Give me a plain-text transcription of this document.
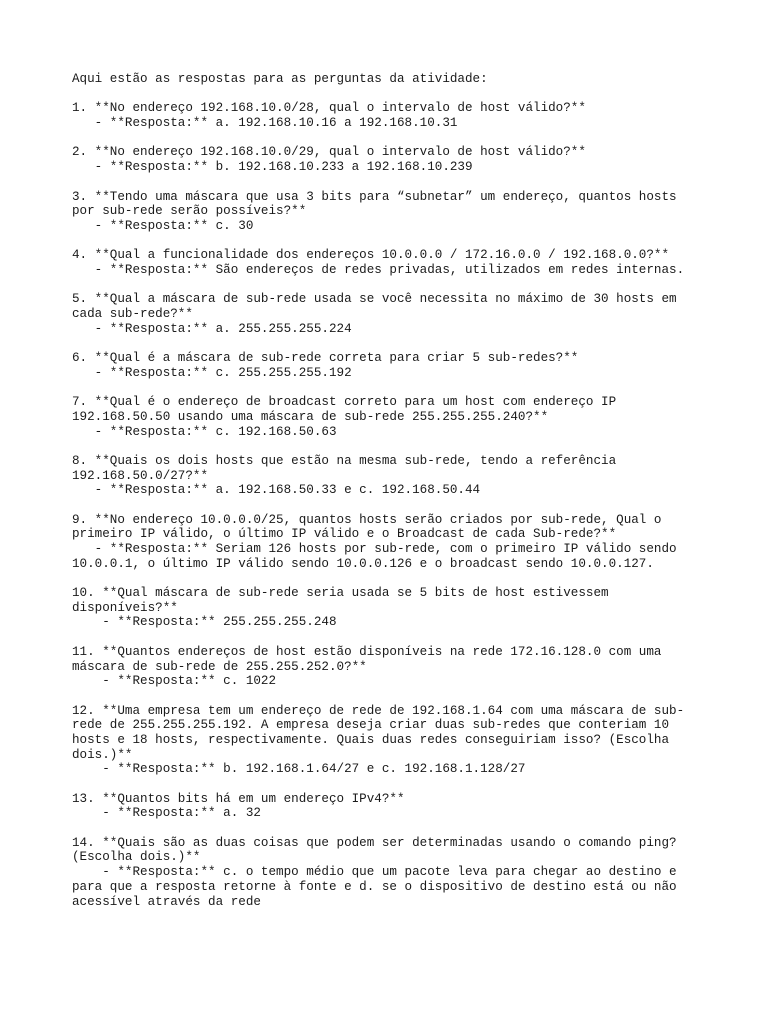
Aqui estão as respostas para as perguntas da atividade:
1. **No endereço 192.168.10.0/28, qual o intervalo de host válido?**
- **Resposta:** a. 192.168.10.16 a 192.168.10.31
2. **No endereço 192.168.10.0/29, qual o intervalo de host válido?**
- **Resposta:** b. 192.168.10.233 a 192.168.10.239
3. **Tendo uma máscara que usa 3 bits para “subnetar” um endereço, quantos hosts
por sub-rede serão possíveis?**
- **Resposta:** c. 30
4. **Qual a funcionalidade dos endereços 10.0.0.0 / 172.16.0.0 / 192.168.0.0?**
- **Resposta:** São endereços de redes privadas, utilizados em redes internas.
5. **Qual a máscara de sub-rede usada se você necessita no máximo de 30 hosts em
cada sub-rede?**
- **Resposta:** a. 255.255.255.224
6. **Qual é a máscara de sub-rede correta para criar 5 sub-redes?**
- **Resposta:** c. 255.255.255.192
7. **Qual é o endereço de broadcast correto para um host com endereço IP
192.168.50.50 usando uma máscara de sub-rede 255.255.255.240?**
- **Resposta:** c. 192.168.50.63
8. **Quais os dois hosts que estão na mesma sub-rede, tendo a referência
192.168.50.0/27?**
- **Resposta:** a. 192.168.50.33 e c. 192.168.50.44
9. **No endereço 10.0.0.0/25, quantos hosts serão criados por sub-rede, Qual o
primeiro IP válido, o último IP válido e o Broadcast de cada Sub-rede?**
- **Resposta:** Seriam 126 hosts por sub-rede, com o primeiro IP válido sendo
10.0.0.1, o último IP válido sendo 10.0.0.126 e o broadcast sendo 10.0.0.127.
10. **Qual máscara de sub-rede seria usada se 5 bits de host estivessem
disponíveis?**
- **Resposta:** 255.255.255.248
11. **Quantos endereços de host estão disponíveis na rede 172.16.128.0 com uma
máscara de sub-rede de 255.255.252.0?**
- **Resposta:** c. 1022
12. **Uma empresa tem um endereço de rede de 192.168.1.64 com uma máscara de sub-
rede de 255.255.255.192. A empresa deseja criar duas sub-redes que conteriam 10
hosts e 18 hosts, respectivamente. Quais duas redes conseguiriam isso? (Escolha
dois.)**
- **Resposta:** b. 192.168.1.64/27 e c. 192.168.1.128/27
13. **Quantos bits há em um endereço IPv4?**
- **Resposta:** a. 32
14. **Quais são as duas coisas que podem ser determinadas usando o comando ping?
(Escolha dois.)**
- **Resposta:** c. o tempo médio que um pacote leva para chegar ao destino e
para que a resposta retorne à fonte e d. se o dispositivo de destino está ou não
acessível através da rede
